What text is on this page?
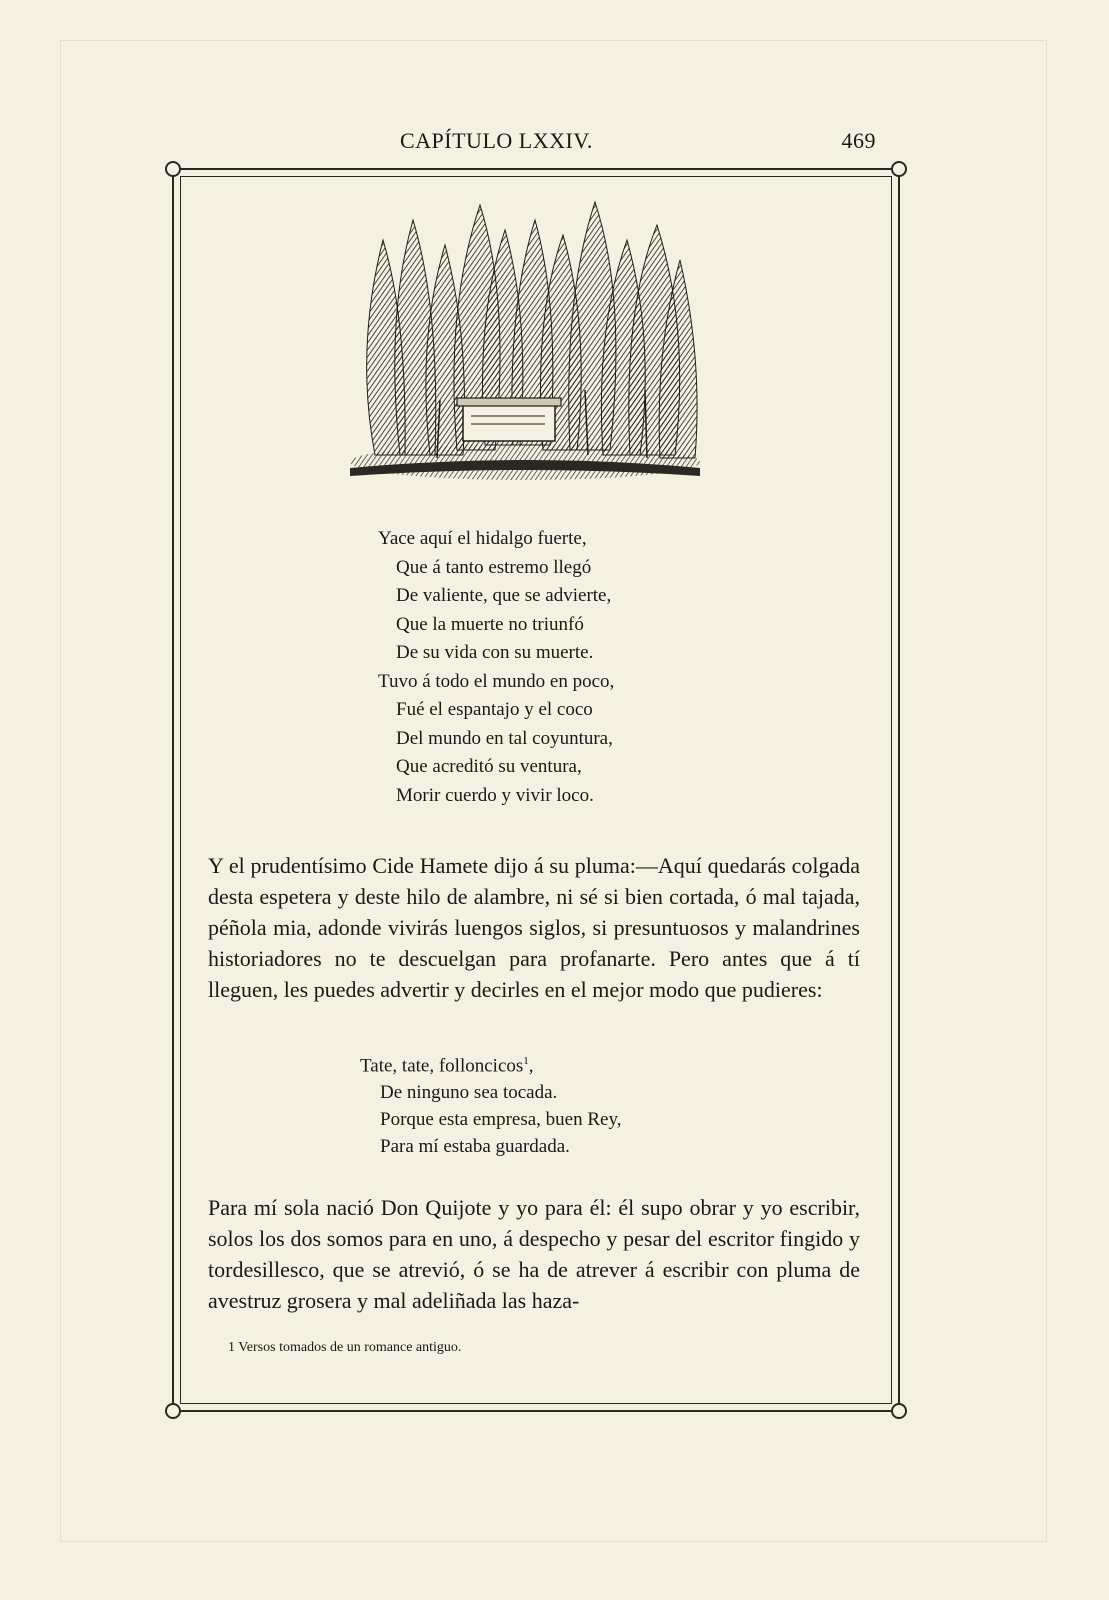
CAPÍTULO LXXIV.	469
Yace aquí el hidalgo fuerte,
Que á tanto estremo llegó
De valiente, que se advierte,
Que la muerte no triunfó
De su vida con su muerte.
Tuvo á todo el mundo en poco,
Fué el espantajo y el coco
Del mundo en tal coyuntura,
Que acreditó su ventura,
Morir cuerdo y vivir loco.

Y el prudentísimo Cide Hamete dijo á su pluma:—Aquí quedarás colgada desta espetera y deste hilo de alambre, ni sé si bien cortada, ó mal tajada, péñola mia, adonde vivirás luengos siglos, si presuntuosos y malandrines historiadores no te descuelgan para profanarte. Pero antes que á tí lleguen, les puedes advertir y decirles en el mejor modo que pudieres:

Tate, tate, folloncicos$^1$,
De ninguno sea tocada.
Porque esta empresa, buen Rey,
Para mí estaba guardada.

Para mí sola nació Don Quijote y yo para él: él supo obrar y yo escribir, solos los dos somos para en uno, á despecho y pesar del escritor fingido y tordesillesco, que se atrevió, ó se ha de atrever á escribir con pluma de avestruz grosera y mal adeliñada las haza-

1 Versos tomados de un romance antiguo.
